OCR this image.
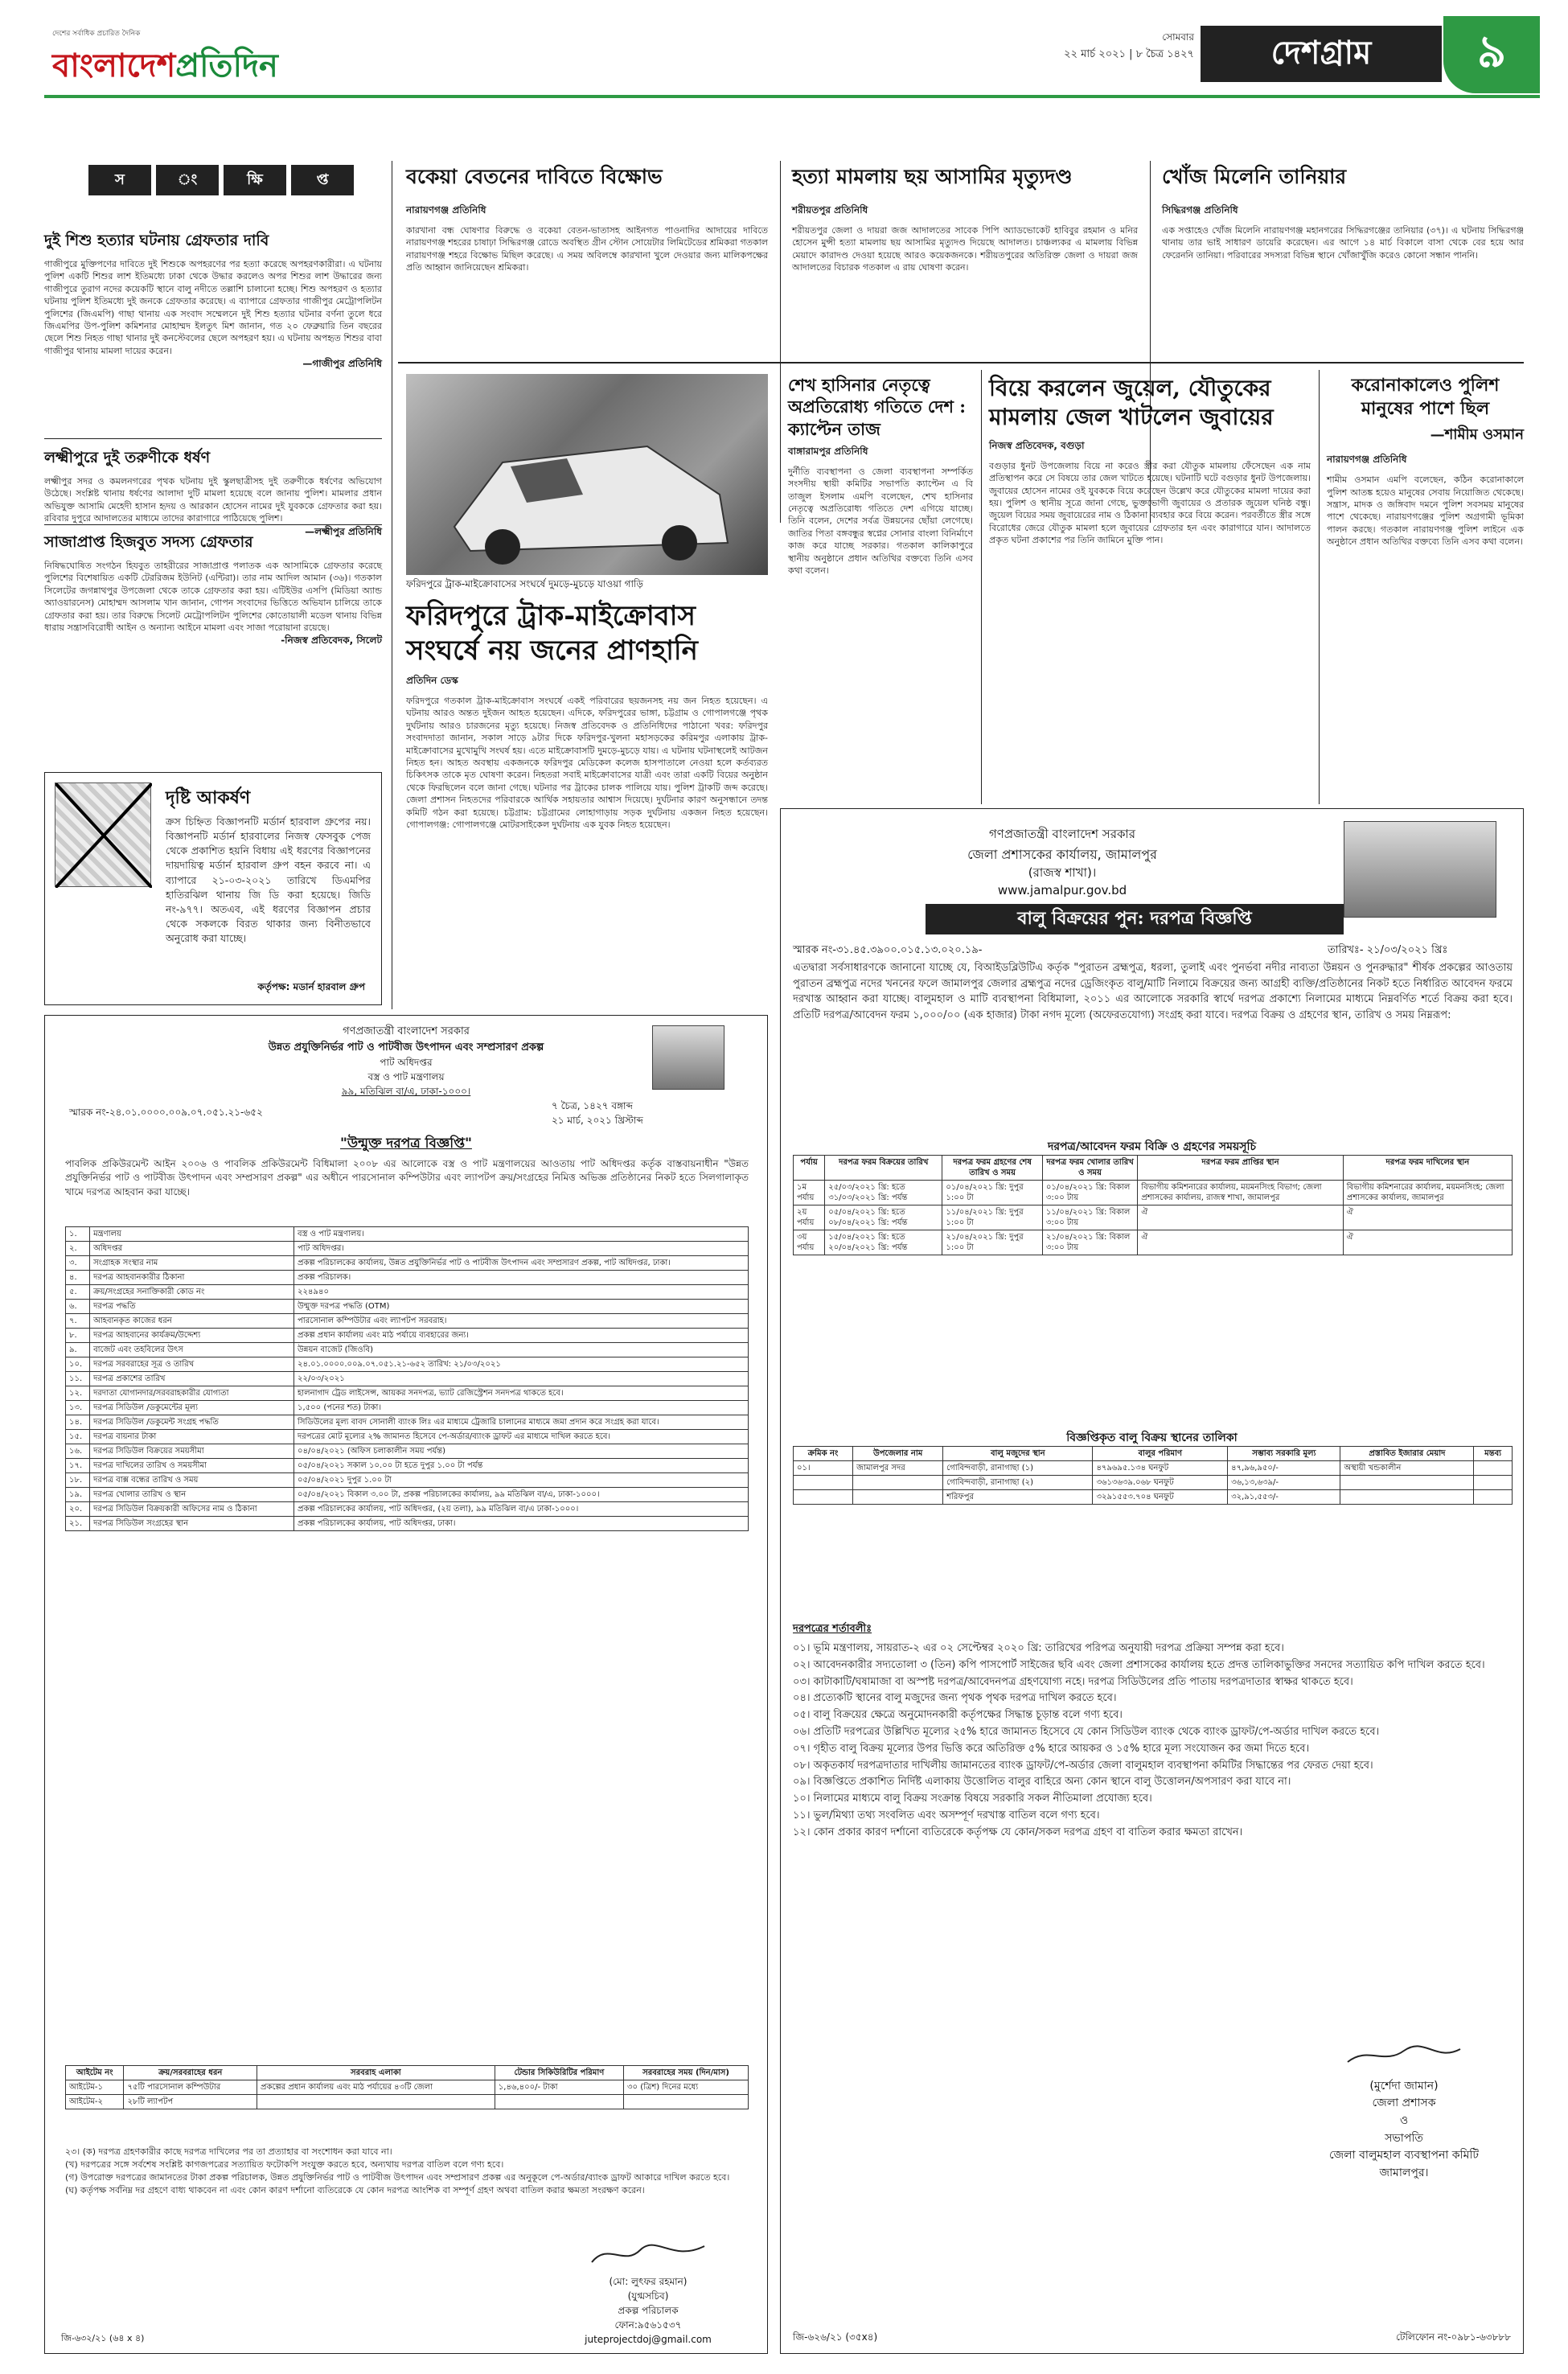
দেশের সর্বাধিক প্রচারিত দৈনিক
বাংলাদেশপ্রতিদিন
সোমবার
২২ মার্চ ২০২১ | ৮ চৈত্র ১৪২৭	দেশগ্রাম	৯
স	ং	ক্ষি	প্ত
দুই শিশু হত্যার ঘটনায় গ্রেফতার দাবি
গাজীপুরে মুক্তিপণের দাবিতে দুই শিশুকে অপহরণের পর হত্যা করেছে অপহরণকারীরা। এ ঘটনায় পুলিশ একটি শিশুর লাশ ইতিমধ্যে ঢাকা থেকে উদ্ধার করলেও অপর শিশুর লাশ উদ্ধারের জন্য গাজীপুরে তুরাগ নদের কয়েকটি স্থানে বালু নদীতে তল্লাশি চালানো হচ্ছে। শিশু অপহরণ ও হত্যার ঘটনায় পুলিশ ইতিমধ্যে দুই জনকে গ্রেফতার করেছে। এ ব্যাপারে গ্রেফতার গাজীপুর মেট্রোপলিটন পুলিশের (জিএমপি) গাছা থানায় এক সংবাদ সম্মেলনে দুই শিশু হত্যার ঘটনার বর্ণনা তুলে ধরে জিএমপির উপ-পুলিশ কমিশনার মোহাম্মদ ইলতুৎ মিশ জানান, গত ২০ ফেব্রুয়ারি তিন বছরের ছেলে শিশু নিহত গাছা থানার দুই কনস্টেবলের ছেলে অপহরণ হয়। এ ঘটনায় অপহৃত শিশুর বাবা গাজীপুর থানায় মামলা দায়ের করেন।
—গাজীপুর প্রতিনিধি
লক্ষ্মীপুরে দুই তরুণীকে ধর্ষণ
লক্ষ্মীপুর সদর ও কমলনগরের পৃথক ঘটনায় দুই স্কুলছাত্রীসহ দুই তরুণীকে ধর্ষণের অভিযোগ উঠেছে। সংশ্লিষ্ট থানায় ধর্ষণের আলাদা দুটি মামলা হয়েছে বলে জানায় পুলিশ। মামলার প্রধান অভিযুক্ত আসামি মেহেদী হাসান হৃদয় ও আরকান হোসেন নামের দুই যুবককে গ্রেফতার করা হয়। রবিবার দুপুরে আদালতের মাধ্যমে তাদের কারাগারে পাঠিয়েছে পুলিশ।
—লক্ষ্মীপুর প্রতিনিধি
সাজাপ্রাপ্ত হিজবুত সদস্য গ্রেফতার
নিষিদ্ধঘোষিত সংগঠন হিযবুত তাহরীরের সাজাপ্রাপ্ত পলাতক এক আসামিকে গ্রেফতার করেছে পুলিশের বিশেষায়িত একটি টেররিজম ইউনিট (এন্টিরা)। তার নাম আদিল আমান (৩৬)। গতকাল সিলেটের জগন্নাথপুর উপজেলা থেকে তাকে গ্রেফতার করা হয়। এটিইউর এসপি (মিডিয়া অ্যান্ড অ্যাওয়ারনেস) মোহাম্মদ আসলাম খান জানান, গোপন সংবাদের ভিত্তিতে অভিযান চালিয়ে তাকে গ্রেফতার করা হয়। তার বিরুদ্ধে সিলেট মেট্রোপলিটন পুলিশের কোতোয়ালী মডেল থানায় বিভিন্ন ধারায় সন্ত্রাসবিরোধী আইন ও অন্যান্য আইনে মামলা এবং সাজা পরোয়ানা রয়েছে।
-নিজস্ব প্রতিবেদক, সিলেট
দৃষ্টি আকর্ষণ
ক্রস চিহ্নিত বিজ্ঞাপনটি মর্ডার্ন হারবাল গ্রুপের নয়। বিজ্ঞাপনটি মর্ডার্ন হারবালের নিজস্ব ফেসবুক পেজ থেকে প্রকাশিত হয়নি বিধায় এই ধরণের বিজ্ঞাপনের দায়দায়িত্ব মর্ডার্ন হারবাল গ্রুপ বহন করবে না। এ ব্যাপারে ২১-০৩-২০২১ তারিখে ডিএমপির হাতিরঝিল থানায় জি ডি করা হয়েছে। জিডি নং-৯৭৭। অতএব, এই ধরণের বিজ্ঞাপন প্রচার থেকে সকলকে বিরত থাকার জন্য বিনীতভাবে অনুরোধ করা যাচ্ছে।
কর্তৃপক্ষ: মডার্ন হারবাল গ্রুপ
বকেয়া বেতনের দাবিতে বিক্ষোভ
নারায়ণগঞ্জ প্রতিনিধি
কারখানা বন্ধ ঘোষণার বিরুদ্ধে ও বকেয়া বেতন-ভাতাসহ আইনগত পাওনাদির আদায়ের দাবিতে নারায়ণগঞ্জ শহরের চাষাঢ়া সিদ্ধিরগঞ্জ রোডে অবস্থিত গ্রীন স্টোন সোয়েটার লিমিটেডের শ্রমিকরা গতকাল নারায়ণগঞ্জ শহরে বিক্ষোভ মিছিল করেছে। এ সময় অবিলম্বে কারখানা খুলে দেওয়ার জন্য মালিকপক্ষের প্রতি আহ্বান জানিয়েছেন শ্রমিকরা।
হত্যা মামলায় ছয় আসামির মৃত্যুদণ্ড
শরীয়তপুর প্রতিনিধি
শরীয়তপুর জেলা ও দায়রা জজ আদালতের সাবেক পিপি অ্যাডভোকেট হাবিবুর রহমান ও মনির হোসেন মুন্সী হত্যা মামলায় ছয় আসামির মৃত্যুদণ্ড দিয়েছে আদালত। চাঞ্চল্যকর এ মামলায় বিভিন্ন মেয়াদে কারাদণ্ড দেওয়া হয়েছে আরও কয়েকজনকে। শরীয়তপুরের অতিরিক্ত জেলা ও দায়রা জজ আদালতের বিচারক গতকাল এ রায় ঘোষণা করেন।
খোঁজ মিলেনি তানিয়ার
সিদ্ধিরগঞ্জ প্রতিনিধি
এক সপ্তাহেও খোঁজ মিলেনি নারায়ণগঞ্জ মহানগরের সিদ্ধিরগঞ্জের তানিয়ার (৩৭)। এ ঘটনায় সিদ্ধিরগঞ্জ থানায় তার ভাই সাধারণ ডায়েরি করেছেন। এর আগে ১৪ মার্চ বিকালে বাসা থেকে বের হয়ে আর ফেরেননি তানিয়া। পরিবারের সদস্যরা বিভিন্ন স্থানে খোঁজাখুঁজি করেও কোনো সন্ধান পাননি।
ফরিদপুরে ট্রাক-মাইক্রোবাসের সংঘর্ষে দুমড়ে-মুচড়ে যাওয়া গাড়ি
ফরিদপুরে ট্রাক-মাইক্রোবাস সংঘর্ষে নয় জনের প্রাণহানি
প্রতিদিন ডেস্ক
ফরিদপুরে গতকাল ট্রাক-মাইক্রোবাস সংঘর্ষে একই পরিবারের ছয়জনসহ নয় জন নিহত হয়েছেন। এ ঘটনায় আরও অন্তত দুইজন আহত হয়েছেন। এদিকে, ফরিদপুরের ভাঙ্গা, চট্টগ্রাম ও গোপালগঞ্জে পৃথক দুর্ঘটনায় আরও চারজনের মৃত্যু হয়েছে। নিজস্ব প্রতিবেদক ও প্রতিনিধিদের পাঠানো খবর: ফরিদপুর সংবাদদাতা জানান, সকাল সাড়ে ৯টার দিকে ফরিদপুর-খুলনা মহাসড়কের করিমপুর এলাকায় ট্রাক-মাইক্রোবাসের মুখোমুখি সংঘর্ষ হয়। এতে মাইক্রোবাসটি দুমড়ে-মুচড়ে যায়। এ ঘটনায় ঘটনাস্থলেই আটজন নিহত হন। আহত অবস্থায় একজনকে ফরিদপুর মেডিকেল কলেজ হাসপাতালে নেওয়া হলে কর্তব্যরত চিকিৎসক তাকে মৃত ঘোষণা করেন। নিহতরা সবাই মাইক্রোবাসের যাত্রী এবং তারা একটি বিয়ের অনুষ্ঠান থেকে ফিরছিলেন বলে জানা গেছে। ঘটনার পর ট্রাকের চালক পালিয়ে যায়। পুলিশ ট্রাকটি জব্দ করেছে। জেলা প্রশাসন নিহতদের পরিবারকে আর্থিক সহায়তার আশ্বাস দিয়েছে। দুর্ঘটনার কারণ অনুসন্ধানে তদন্ত কমিটি গঠন করা হয়েছে। চট্টগ্রাম: চট্টগ্রামের লোহাগাড়ায় সড়ক দুর্ঘটনায় একজন নিহত হয়েছেন। গোপালগঞ্জ: গোপালগঞ্জে মোটরসাইকেল দুর্ঘটনায় এক যুবক নিহত হয়েছেন।
শেখ হাসিনার নেতৃত্বে অপ্রতিরোধ্য গতিতে দেশ : ক্যাপ্টেন তাজ
বাঙ্গারামপুর প্রতিনিধি
দুর্নীতি ব্যবস্থাপনা ও জেলা ব্যবস্থাপনা সম্পর্কিত সংসদীয় স্থায়ী কমিটির সভাপতি ক্যাপ্টেন এ বি তাজুল ইসলাম এমপি বলেছেন, শেখ হাসিনার নেতৃত্বে অপ্রতিরোধ্য গতিতে দেশ এগিয়ে যাচ্ছে। তিনি বলেন, দেশের সর্বত্র উন্নয়নের ছোঁয়া লেগেছে। জাতির পিতা বঙ্গবন্ধুর স্বপ্নের সোনার বাংলা বিনির্মাণে কাজ করে যাচ্ছে সরকার। গতকাল কালিকাপুরে স্থানীয় অনুষ্ঠানে প্রধান অতিথির বক্তব্যে তিনি এসব কথা বলেন।
বিয়ে করলেন জুয়েল, যৌতুকের মামলায় জেল খাটলেন জুবায়ের
নিজস্ব প্রতিবেদক, বগুড়া
বগুড়ার ধুনট উপজেলায় বিয়ে না করেও স্ত্রীর করা যৌতুক মামলায় ফেঁসেছেন এক নাম প্রতিস্থাপন করে সে বিষয়ে তার জেল খাটতে হয়েছে। ঘটনাটি ঘটে বগুড়ার ধুনট উপজেলায়। জুবায়ের হোসেন নামের ওই যুবককে বিয়ে করেছেন উল্লেখ করে যৌতুকের মামলা দায়ের করা হয়। পুলিশ ও স্থানীয় সূত্রে জানা গেছে, ভুক্তভোগী জুবায়ের ও প্রতারক জুয়েল ঘনিষ্ঠ বন্ধু। জুয়েল বিয়ের সময় জুবায়েরের নাম ও ঠিকানা ব্যবহার করে বিয়ে করেন। পরবর্তীতে স্ত্রীর সঙ্গে বিরোধের জেরে যৌতুক মামলা হলে জুবায়ের গ্রেফতার হন এবং কারাগারে যান। আদালতে প্রকৃত ঘটনা প্রকাশের পর তিনি জামিনে মুক্তি পান।
করোনাকালেও পুলিশ মানুষের পাশে ছিল
—শামীম ওসমান
নারায়ণগঞ্জ প্রতিনিধি
শামীম ওসমান এমপি বলেছেন, কঠিন করোনাকালে পুলিশ আতঙ্ক হয়েও মানুষের সেবায় নিয়োজিত থেকেছে। সন্ত্রাস, মাদক ও জঙ্গিবাদ দমনে পুলিশ সবসময় মানুষের পাশে থেকেছে। নারায়ণগঞ্জের পুলিশ অগ্রগামী ভূমিকা পালন করছে। গতকাল নারায়ণগঞ্জ পুলিশ লাইনে এক অনুষ্ঠানে প্রধান অতিথির বক্তব্যে তিনি এসব কথা বলেন।
গণপ্রজাতন্ত্রী বাংলাদেশ সরকার
উন্নত প্রযুক্তিনির্ভর পাট ও পাটবীজ উৎপাদন এবং সম্প্রসারণ প্রকল্প
পাট অধিদপ্তর
বস্ত্র ও পাট মন্ত্রণালয়
৯৯, মতিঝিল বা/এ, ঢাকা-১০০০।
স্মারক নং-২৪.০১.০০০০.০০৯.০৭.০৫১.২১-৬৫২
৭ চৈত্র, ১৪২৭ বঙ্গাব্দ
২১ মার্চ, ২০২১ খ্রিস্টাব্দ
"উন্মুক্ত দরপত্র বিজ্ঞপ্তি"
পাবলিক প্রকিউরমেন্ট আইন ২০০৬ ও পাবলিক প্রকিউরমেন্ট বিধিমালা ২০০৮ এর আলোকে বস্ত্র ও পাট মন্ত্রণালয়ের আওতায় পাট অধিদপ্তর কর্তৃক বাস্তবায়নাধীন "উন্নত প্রযুক্তিনির্ভর পাট ও পাটবীজ উৎপাদন এবং সম্প্রসারণ প্রকল্প" এর অধীনে পারসোনাল কম্পিউটার এবং ল্যাপটপ ক্রয়/সংগ্রহের নিমিত্ত অভিজ্ঞ প্রতিষ্ঠানের নিকট হতে সিলগালাকৃত খামে দরপত্র আহবান করা যাচ্ছে।
১.	মন্ত্রণালয়	বস্ত্র ও পাট মন্ত্রণালয়।
২.	অধিদপ্তর	পাট অধিদপ্তর।
৩.	সংগ্রাহক সংস্থার নাম	প্রকল্প পরিচালকের কার্যালয়, উন্নত প্রযুক্তিনির্ভর পাট ও পাটবীজ উৎপাদন এবং সম্প্রসারণ প্রকল্প, পাট অধিদপ্তর, ঢাকা।
৪.	দরপত্র আহবানকারীর ঠিকানা	প্রকল্প পরিচালক।
৫.	ক্রয়/সংগ্রহের সনাক্তিকারী কোড নং	২২৪৯৪০
৬.	দরপত্র পদ্ধতি	উন্মুক্ত দরপত্র পদ্ধতি (OTM)
৭.	আহবানকৃত কাজের ধরন	পারসোনাল কম্পিউটার এবং ল্যাপটপ সরবরাহ।
৮.	দরপত্র আহবানের কার্যক্রম/উদ্দেশ্য	প্রকল্প প্রধান কার্যালয় এবং মাঠ পর্যায়ে ব্যবহারের জন্য।
৯.	বাজেট এবং তহবিলের উৎস	উন্নয়ন বাজেট (জিওবি)
১০.	দরপত্র সরবরাহের সূত্র ও তারিখ	২৪.০১.০০০০.০০৯.০৭.০৫১.২১-৬৫২ তারিখ: ২১/০৩/২০২১
১১.	দরপত্র প্রকাশের তারিখ	২২/০৩/২০২১
১২.	দরদাতা যোগানদার/সরবরাহকারীর যোগ্যতা	হালনাগাদ ট্রেড লাইসেন্স, আয়কর সনদপত্র, ভ্যাট রেজিস্ট্রেশন সনদপত্র থাকতে হবে।
১৩.	দরপত্র সিডিউল /ডকুমেন্টের মূল্য	১,৫০০ (পনের শত) টাকা।
১৪.	দরপত্র সিডিউল /ডকুমেন্ট সংগ্রহ পদ্ধতি	সিডিউলের মূল্য বাবদ সোনালী ব্যাংক লিঃ এর মাধ্যমে ট্রেজারি চালানের মাধ্যমে জমা প্রদান করে সংগ্রহ করা যাবে।
১৫.	দরপত্র বায়নার টাকা	দরপত্রের মোট মূল্যের ২% জামানত হিসেবে পে-অর্ডার/ব্যাংক ড্রাফট এর মাধ্যমে দাখিল করতে হবে।
১৬.	দরপত্র সিডিউল বিক্রয়ের সময়সীমা	০৪/০৪/২০২১ (অফিস চলাকালীন সময় পর্যন্ত)
১৭.	দরপত্র দাখিলের তারিখ ও সময়সীমা	০৫/০৪/২০২১ সকাল ১০.০০ টা হতে দুপুর ১.০০ টা পর্যন্ত
১৮.	দরপত্র বাক্স বন্ধের তারিখ ও সময়	০৫/০৪/২০২১ দুপুর ১.০০ টা
১৯.	দরপত্র খোলার তারিখ ও স্থান	০৫/০৪/২০২১ বিকাল ৩.০০ টা, প্রকল্প পরিচালকের কার্যালয়, ৯৯ মতিঝিল বা/এ, ঢাকা-১০০০।
২০.	দরপত্র সিডিউল বিক্রয়কারী অফিসের নাম ও ঠিকানা	প্রকল্প পরিচালকের কার্যালয়, পাট অধিদপ্তর, (২য় তলা), ৯৯ মতিঝিল বা/এ ঢাকা-১০০০।
২১.	দরপত্র সিডিউল সংগ্রহের স্থান	প্রকল্প পরিচালকের কার্যালয়, পাট অধিদপ্তর, ঢাকা।
আইটেম নং	ক্রয়/সরবরাহের ধরন	সরবরাহ এলাকা	টেন্ডার সিকিউরিটির পরিমাণ	সরবরাহের সময় (দিন/মাস)
আইটেম-১	৭৫টি পারসোনাল কম্পিউটার	প্রকল্পের প্রধান কার্যালয় এবং মাঠ পর্যায়ের ৪৩টি জেলা	১,৪৬,৪০০/- টাকা	৩০ (ত্রিশ) দিনের মধ্যে
আইটেম-২	২৮টি ল্যাপটপ			
২৩। (ক) দরপত্র গ্রহণকারীর কাছে দরপত্র দাখিলের পর তা প্রত্যাহার বা সংশোধন করা যাবে না।
(খ) দরপত্রের সঙ্গে সর্বশেষ সংশ্লিষ্ট কাগজপত্রের সত্যায়িত ফটোকপি সংযুক্ত করতে হবে, অন্যথায় দরপত্র বাতিল বলে গণ্য হবে।
(গ) উপরোক্ত দরপত্রের জামানতের টাকা প্রকল্প পরিচালক, উন্নত প্রযুক্তিনির্ভর পাট ও পাটবীজ উৎপাদন এবং সম্প্রসারণ প্রকল্প এর অনুকূলে পে-অর্ডার/ব্যাংক ড্রাফট আকারে দাখিল করতে হবে।
(ঘ) কর্তৃপক্ষ সর্বনিম্ন দর গ্রহণে বাধ্য থাকবেন না এবং কোন কারণ দর্শানো ব্যতিরেকে যে কোন দরপত্র আংশিক বা সম্পূর্ণ গ্রহণ অথবা বাতিল করার ক্ষমতা সংরক্ষণ করেন।
(মো: লুৎফর রহমান)
(যুগ্মসচিব)
প্রকল্প পরিচালক
ফোন:৯৫৬১৫৩৭
juteprojectdoj@gmail.com
জি-৬৩২/২১ (৬৪ x ৪)
গণপ্রজাতন্ত্রী বাংলাদেশ সরকার
জেলা প্রশাসকের কার্যালয়, জামালপুর
(রাজস্ব শাখা)।
www.jamalpur.gov.bd
বালু বিক্রয়ের পুন: দরপত্র বিজ্ঞপ্তি
স্মারক নং-৩১.৪৫.৩৯০০.০১৫.১৩.০২০.১৯-	তারিখঃ- ২১/০৩/২০২১ খ্রিঃ
এতদ্বারা সর্বসাধারণকে জানানো যাচ্ছে যে, বিআইডব্লিউটিএ কর্তৃক "পুরাতন ব্রহ্মপুত্র, ধরলা, তুলাই এবং পুনর্ভবা নদীর নাব্যতা উন্নয়ন ও পুনরুদ্ধার" শীর্ষক প্রকল্পের আওতায় পুরাতন ব্রহ্মপুত্র নদের খননের ফলে জামালপুর জেলার ব্রহ্মপুত্র নদের ড্রেজিংকৃত বালু/মাটি নিলামে বিক্রয়ের জন্য আগ্রহী ব্যক্তি/প্রতিষ্ঠানের নিকট হতে নির্ধারিত আবেদন ফরমে দরখাস্ত আহ্বান করা যাচ্ছে। বালুমহাল ও মাটি ব্যবস্থাপনা বিধিমালা, ২০১১ এর আলোকে সরকারি স্বার্থে দরপত্র প্রকাশ্যে নিলামের মাধ্যমে নিম্নবর্ণিত শর্তে বিক্রয় করা হবে। প্রতিটি দরপত্র/আবেদন ফরম ১,০০০/০০ (এক হাজার) টাকা নগদ মূল্যে (অফেরতযোগ্য) সংগ্রহ করা যাবে। দরপত্র বিক্রয় ও গ্রহণের স্থান, তারিখ ও সময় নিম্নরূপ:
দরপত্র/আবেদন ফরম বিক্রি ও গ্রহণের সময়সূচি
পর্যায়	দরপত্র ফরম বিক্রয়ের তারিখ	দরপত্র ফরম গ্রহণের শেষ তারিখ ও সময়	দরপত্র ফরম খোলার তারিখ ও সময়	দরপত্র ফরম প্রাপ্তির স্থান	দরপত্র ফরম দাখিলের স্থান
১ম পর্যায়	২৫/০৩/২০২১ খ্রি: হতে ৩১/০৩/২০২১ খ্রি: পর্যন্ত	০১/০৪/২০২১ খ্রি: দুপুর ১:০০ টা	০১/০৪/২০২১ খ্রি: বিকাল ৩:০০ টায়	বিভাগীয় কমিশনারের কার্যালয়, ময়মনসিংহ বিভাগ; জেলা প্রশাসকের কার্যালয়, রাজস্ব শাখা, জামালপুর	বিভাগীয় কমিশনারের কার্যালয়, ময়মনসিংহ; জেলা প্রশাসকের কার্যালয়, জামালপুর
২য় পর্যায়	০৫/০৪/২০২১ খ্রি: হতে ০৮/০৪/২০২১ খ্রি: পর্যন্ত	১১/০৪/২০২১ খ্রি: দুপুর ১:০০ টা	১১/০৪/২০২১ খ্রি: বিকাল ৩:০০ টায়	ঐ	ঐ
৩য় পর্যায়	১৫/০৪/২০২১ খ্রি: হতে ২০/০৪/২০২১ খ্রি: পর্যন্ত	২১/০৪/২০২১ খ্রি: দুপুর ১:০০ টা	২১/০৪/২০২১ খ্রি: বিকাল ৩:০০ টায়	ঐ	ঐ
বিজ্ঞপ্তিকৃত বালু বিক্রয় স্থানের তালিকা
ক্রমিক নং	উপজেলার নাম	বালু মজুদের স্থান	বালুর পরিমাণ	সম্ভাব্য সরকারি মূল্য	প্রস্তাবিত ইজারার মেয়াদ	মন্তব্য
০১।	জামালপুর সদর	গোবিন্দবাড়ী, রানাগাছা (১)	৪৭৯৬৯৫.১৩৪ ঘনফুট	৪৭,৯৬,৯৫০/-	অস্থায়ী খন্ডকালীন	
		গোবিন্দবাড়ী, রানাগাছা (২)	৩৬১৩৬৩৯.০৬৮ ঘনফুট	৩৬,১৩,৬৩৯/-		
		শরিফপুর	৩২৯১৫৫৩.৭০৪ ঘনফুট	৩২,৯১,৫৫৩/-		
দরপত্রের শর্তাবলীঃ
০১। ভূমি মন্ত্রণালয়, সায়রাত-২ এর ০২ সেপ্টেম্বর ২০২০ খ্রি: তারিখের পরিপত্র অনুযায়ী দরপত্র প্রক্রিয়া সম্পন্ন করা হবে।
০২। আবেদনকারীর সদ্যতোলা ৩ (তিন) কপি পাসপোর্ট সাইজের ছবি এবং জেলা প্রশাসকের কার্যালয় হতে প্রদত্ত তালিকাভুক্তির সনদের সত্যায়িত কপি দাখিল করতে হবে।
০৩। কাটাকাটি/ঘষামাজা বা অস্পষ্ট দরপত্র/আবেদনপত্র গ্রহণযোগ্য নহে। দরপত্র সিডিউলের প্রতি পাতায় দরপত্রদাতার স্বাক্ষর থাকতে হবে।
০৪। প্রত্যেকটি স্থানের বালু মজুদের জন্য পৃথক পৃথক দরপত্র দাখিল করতে হবে।
০৫। বালু বিক্রয়ের ক্ষেত্রে অনুমোদনকারী কর্তৃপক্ষের সিদ্ধান্ত চূড়ান্ত বলে গণ্য হবে।
০৬। প্রতিটি দরপত্রের উল্লিখিত মূল্যের ২৫% হারে জামানত হিসেবে যে কোন সিডিউল ব্যাংক থেকে ব্যাংক ড্রাফট/পে-অর্ডার দাখিল করতে হবে।
০৭। গৃহীত বালু বিক্রয় মূল্যের উপর ভিত্তি করে অতিরিক্ত ৫% হারে আয়কর ও ১৫% হারে মূল্য সংযোজন কর জমা দিতে হবে।
০৮। অকৃতকার্য দরপত্রদাতার দাখিলীয় জামানতের ব্যাংক ড্রাফট/পে-অর্ডার জেলা বালুমহাল ব্যবস্থাপনা কমিটির সিদ্ধান্তের পর ফেরত দেয়া হবে।
০৯। বিজ্ঞপ্তিতে প্রকাশিত নির্দিষ্ট এলাকায় উত্তোলিত বালুর বাহিরে অন্য কোন স্থানে বালু উত্তোলন/অপসারণ করা যাবে না।
১০। নিলামের মাধ্যমে বালু বিক্রয় সংক্রান্ত বিষয়ে সরকারি সকল নীতিমালা প্রযোজ্য হবে।
১১। ভুল/মিথ্যা তথ্য সংবলিত এবং অসম্পূর্ণ দরখাস্ত বাতিল বলে গণ্য হবে।
১২। কোন প্রকার কারণ দর্শানো ব্যতিরেকে কর্তৃপক্ষ যে কোন/সকল দরপত্র গ্রহণ বা বাতিল করার ক্ষমতা রাখেন।
(মুর্শেদা জামান)
জেলা প্রশাসক
ও
সভাপতি
জেলা বালুমহাল ব্যবস্থাপনা কমিটি
জামালপুর।
জি-৬২৬/২১ (৩৫x৪)	টেলিফোন নং-০৯৮১-৬৩৮৮৮
